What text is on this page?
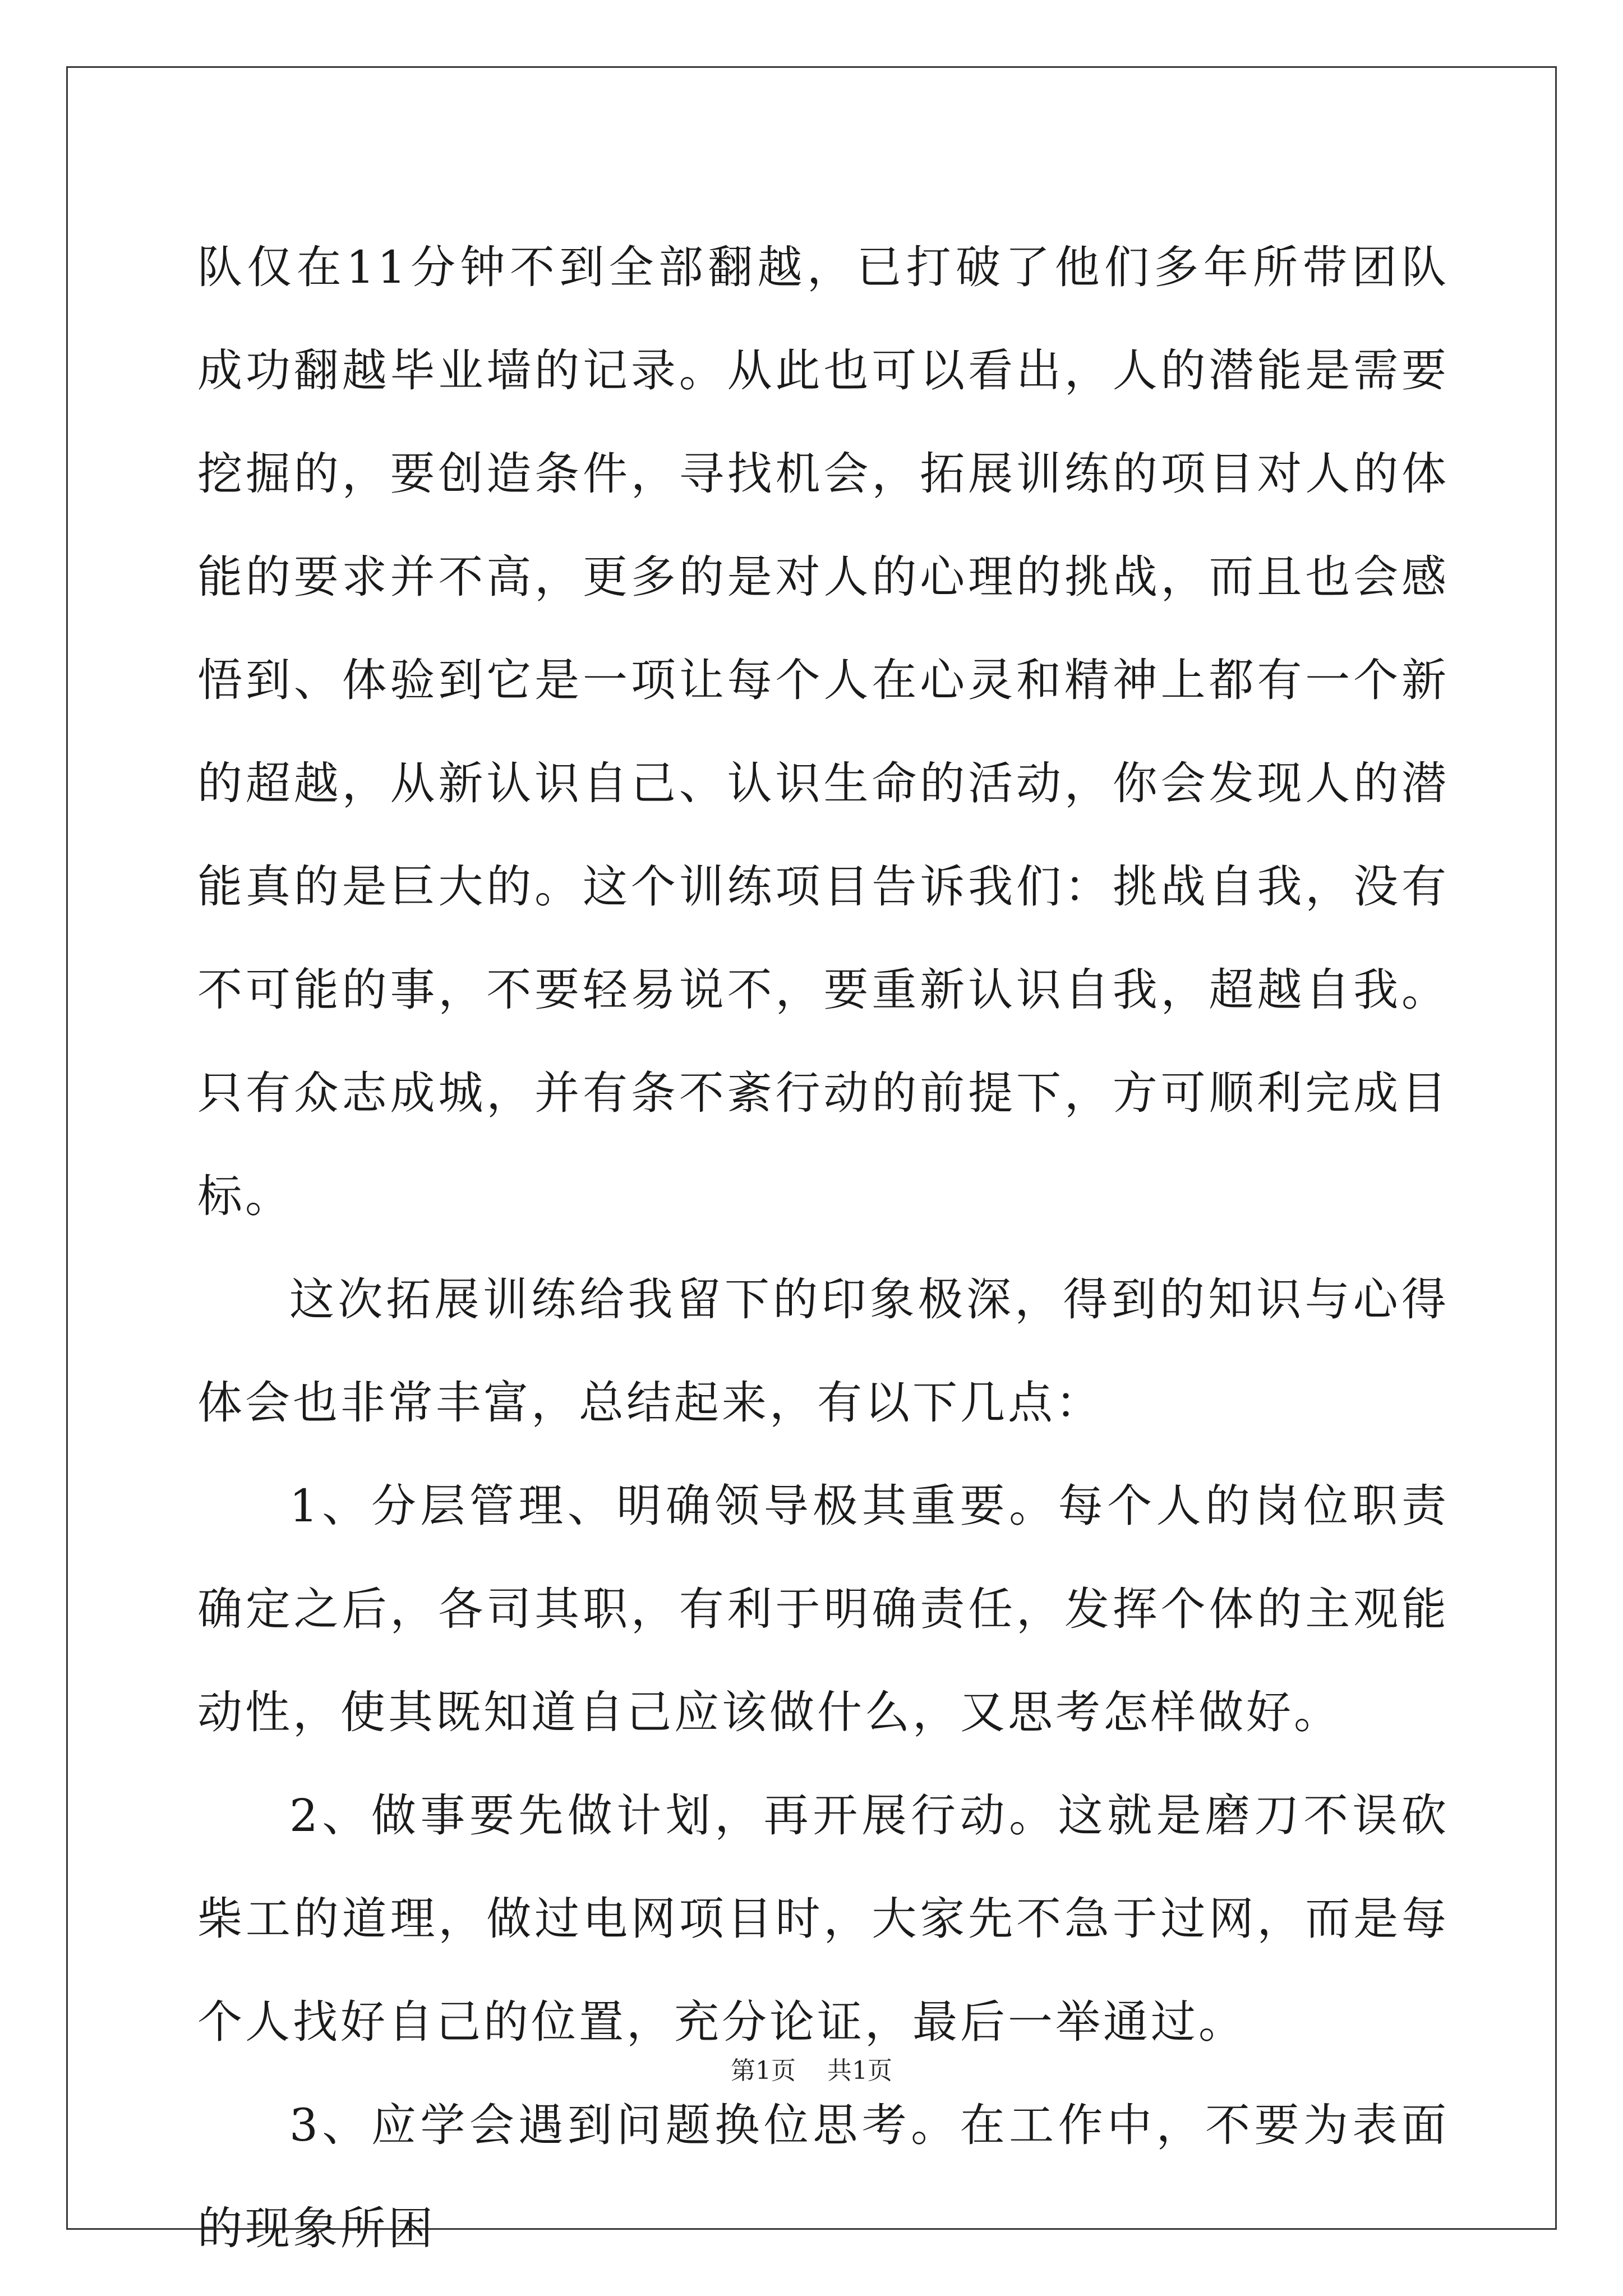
队仅在11分钟不到全部翻越，已打破了他们多年所带团队成功翻越毕业墙的记录。从此也可以看出，人的潜能是需要挖掘的，要创造条件，寻找机会，拓展训练的项目对人的体能的要求并不高，更多的是对人的心理的挑战，而且也会感悟到、体验到它是一项让每个人在心灵和精神上都有一个新的超越，从新认识自己、认识生命的活动，你会发现人的潜能真的是巨大的。这个训练项目告诉我们：挑战自我，没有不可能的事，不要轻易说不，要重新认识自我，超越自我。只有众志成城，并有条不紊行动的前提下，方可顺利完成目标。

这次拓展训练给我留下的印象极深，得到的知识与心得体会也非常丰富，总结起来，有以下几点：

1、分层管理、明确领导极其重要。每个人的岗位职责确定之后，各司其职，有利于明确责任，发挥个体的主观能动性，使其既知道自己应该做什么，又思考怎样做好。

2、做事要先做计划，再开展行动。这就是磨刀不误砍柴工的道理，做过电网项目时，大家先不急于过网，而是每个人找好自己的位置，充分论证，最后一举通过。

3、应学会遇到问题换位思考。在工作中，不要为表面的现象所困

第1页 共1页
